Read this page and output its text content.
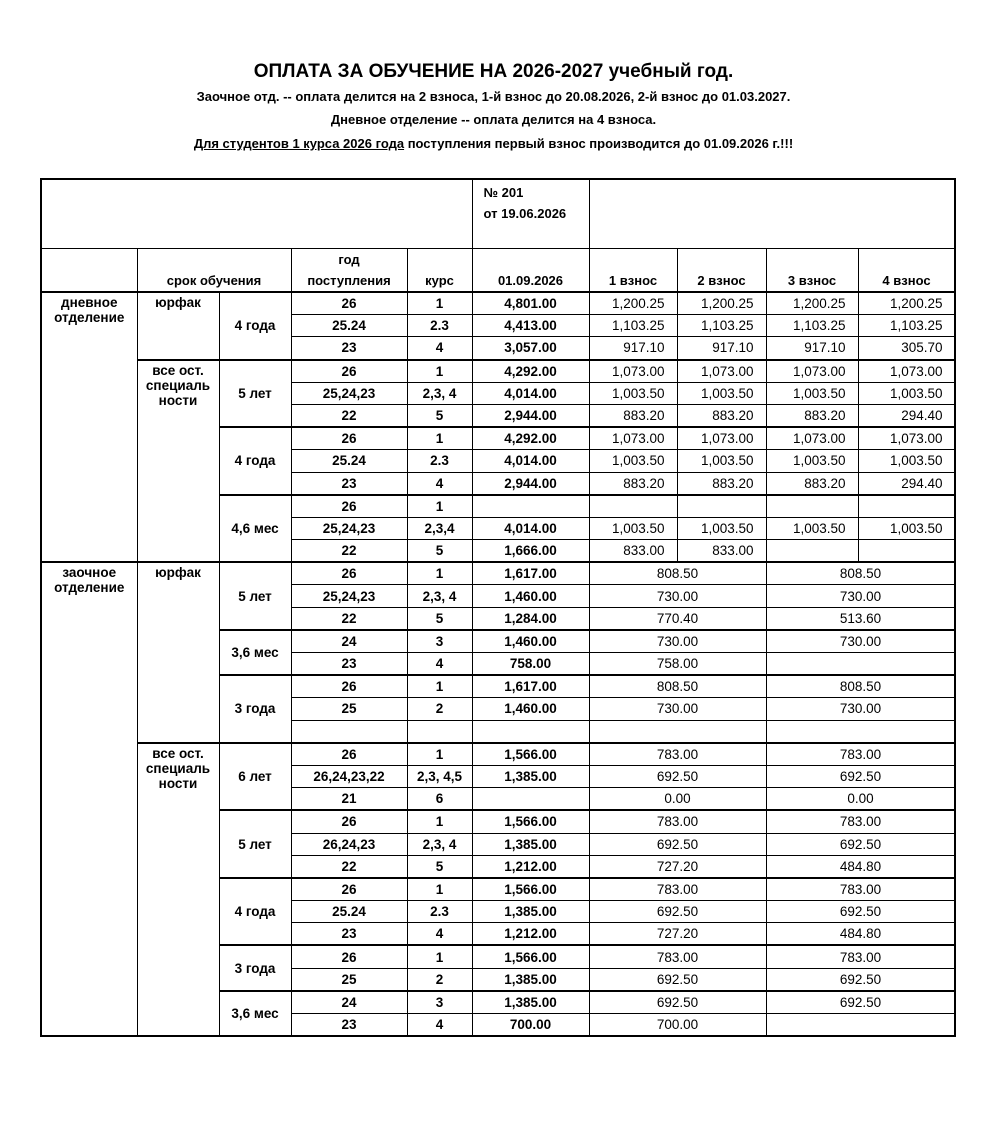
ОПЛАТА ЗА ОБУЧЕНИЕ НА 2026-2027 учебный год.
Заочное отд. -- оплата делится на 2 взноса, 1-й взнос до 20.08.2026, 2-й взнос до 01.03.2027.
Дневное отделение -- оплата делится на 4 взноса.
Для студентов 1 курса 2026 года поступления первый взнос производится до 01.09.2026 г.!!!

					№ 201
от 19.06.2026					

	срок обучения		год
поступления	курс	01.09.2026	1 взнос	2 взнос	3 взнос	4 взнос	

дневное
отделение	юрфак	4 года	26	1	4,801.00	1,200.25	1,200.25	1,200.25	1,200.25	
			25.24	2.3	4,413.00	1,103.25	1,103.25	1,103.25	1,103.25	
			23	4	3,057.00	917.10	917.10	917.10	305.70	

	все ост.
специаль
ности	5 лет	26	1	4,292.00	1,073.00	1,073.00	1,073.00	1,073.00	
			25,24,23	2,3, 4	4,014.00	1,003.50	1,003.50	1,003.50	1,003.50	
			22	5	2,944.00	883.20	883.20	883.20	294.40	
		4 года	26	1	4,292.00	1,073.00	1,073.00	1,073.00	1,073.00	
			25.24	2.3	4,014.00	1,003.50	1,003.50	1,003.50	1,003.50	
			23	4	2,944.00	883.20	883.20	883.20	294.40	
		4,6 мес	26	1						
			25,24,23	2,3,4	4,014.00	1,003.50	1,003.50	1,003.50	1,003.50	
			22	5	1,666.00	833.00	833.00			

заочное
отделение	юрфак	5 лет	26	1	1,617.00	808.50		808.50		
			25,24,23	2,3, 4	1,460.00	730.00		730.00		
			22	5	1,284.00	770.40		513.60		
		3,6 мес	24	3	1,460.00	730.00		730.00		
			23	4	758.00	758.00				
		3 года	26	1	1,617.00	808.50		808.50		
			25	2	1,460.00	730.00		730.00		

	все ост.
специаль
ности	6 лет	26	1	1,566.00	783.00		783.00		
			26,24,23,22	2,3, 4,5	1,385.00	692.50		692.50		
			21	6		0.00		0.00		
		5 лет	26	1	1,566.00	783.00		783.00		
			26,24,23	2,3, 4	1,385.00	692.50		692.50		
			22	5	1,212.00	727.20		484.80		
		4 года	26	1	1,566.00	783.00		783.00		
			25.24	2.3	1,385.00	692.50		692.50		
			23	4	1,212.00	727.20		484.80		
		3 года	26	1	1,566.00	783.00		783.00		
			25	2	1,385.00	692.50		692.50		
		3,6 мес	24	3	1,385.00	692.50		692.50		
			23	4	700.00	700.00				
